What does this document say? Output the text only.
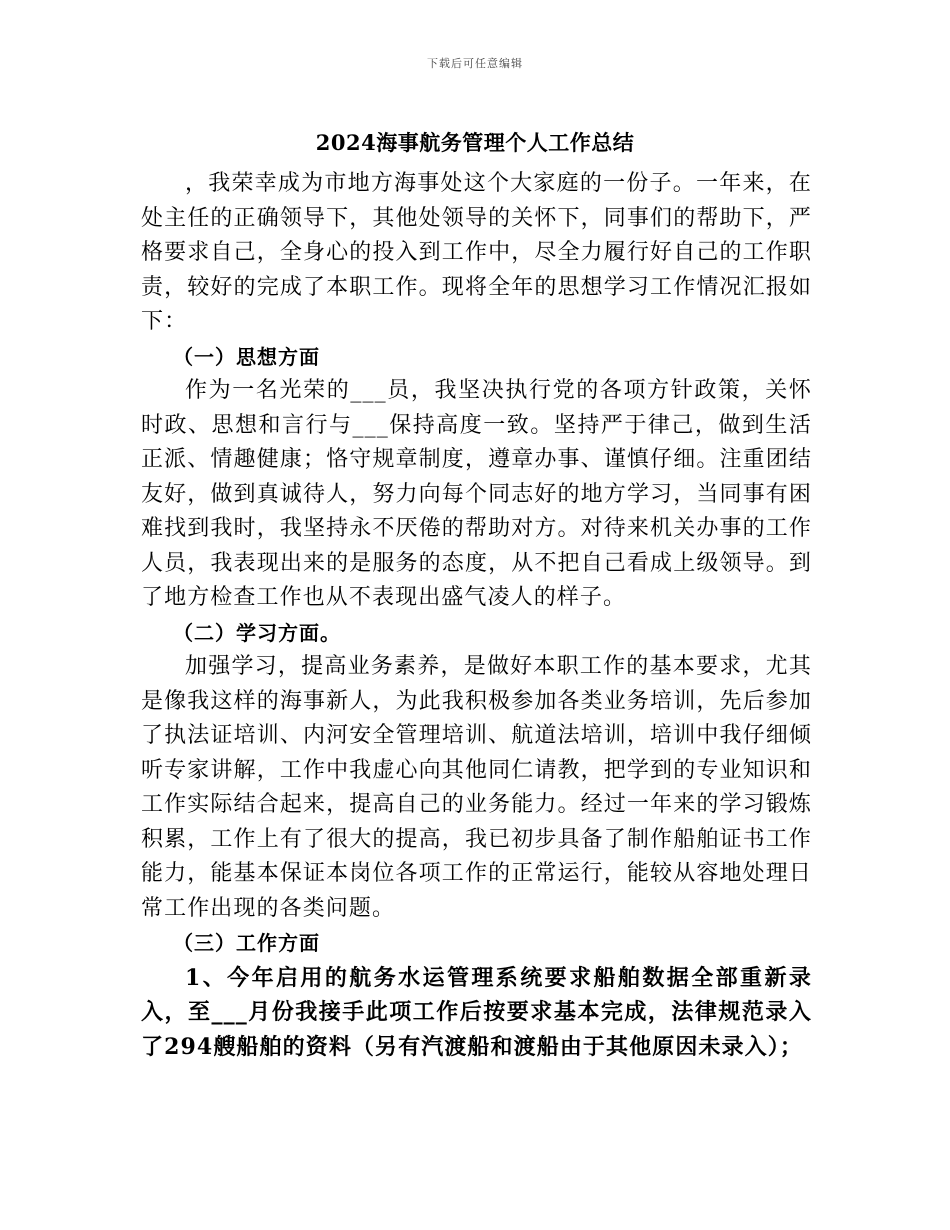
下载后可任意编辑
2024海事航务管理个人工作总结

，我荣幸成为市地方海事处这个大家庭的一份子。一年来，在处主任的正确领导下，其他处领导的关怀下，同事们的帮助下，严格要求自己，全身心的投入到工作中，尽全力履行好自己的工作职责，较好的完成了本职工作。现将全年的思想学习工作情况汇报如下：

（一）思想方面

作为一名光荣的___员，我坚决执行党的各项方针政策，关怀时政、思想和言行与___保持高度一致。坚持严于律己，做到生活正派、情趣健康；恪守规章制度，遵章办事、谨慎仔细。注重团结友好，做到真诚待人，努力向每个同志好的地方学习，当同事有困难找到我时，我坚持永不厌倦的帮助对方。对待来机关办事的工作人员，我表现出来的是服务的态度，从不把自己看成上级领导。到了地方检查工作也从不表现出盛气凌人的样子。

（二）学习方面。

加强学习，提高业务素养，是做好本职工作的基本要求，尤其是像我这样的海事新人，为此我积极参加各类业务培训，先后参加了执法证培训、内河安全管理培训、航道法培训，培训中我仔细倾听专家讲解，工作中我虚心向其他同仁请教，把学到的专业知识和工作实际结合起来，提高自己的业务能力。经过一年来的学习锻炼积累，工作上有了很大的提高，我已初步具备了制作船舶证书工作能力，能基本保证本岗位各项工作的正常运行，能较从容地处理日常工作出现的各类问题。

（三）工作方面

1、今年启用的航务水运管理系统要求船舶数据全部重新录入，至___月份我接手此项工作后按要求基本完成，法律规范录入了294艘船舶的资料（另有汽渡船和渡船由于其他原因未录入）；
